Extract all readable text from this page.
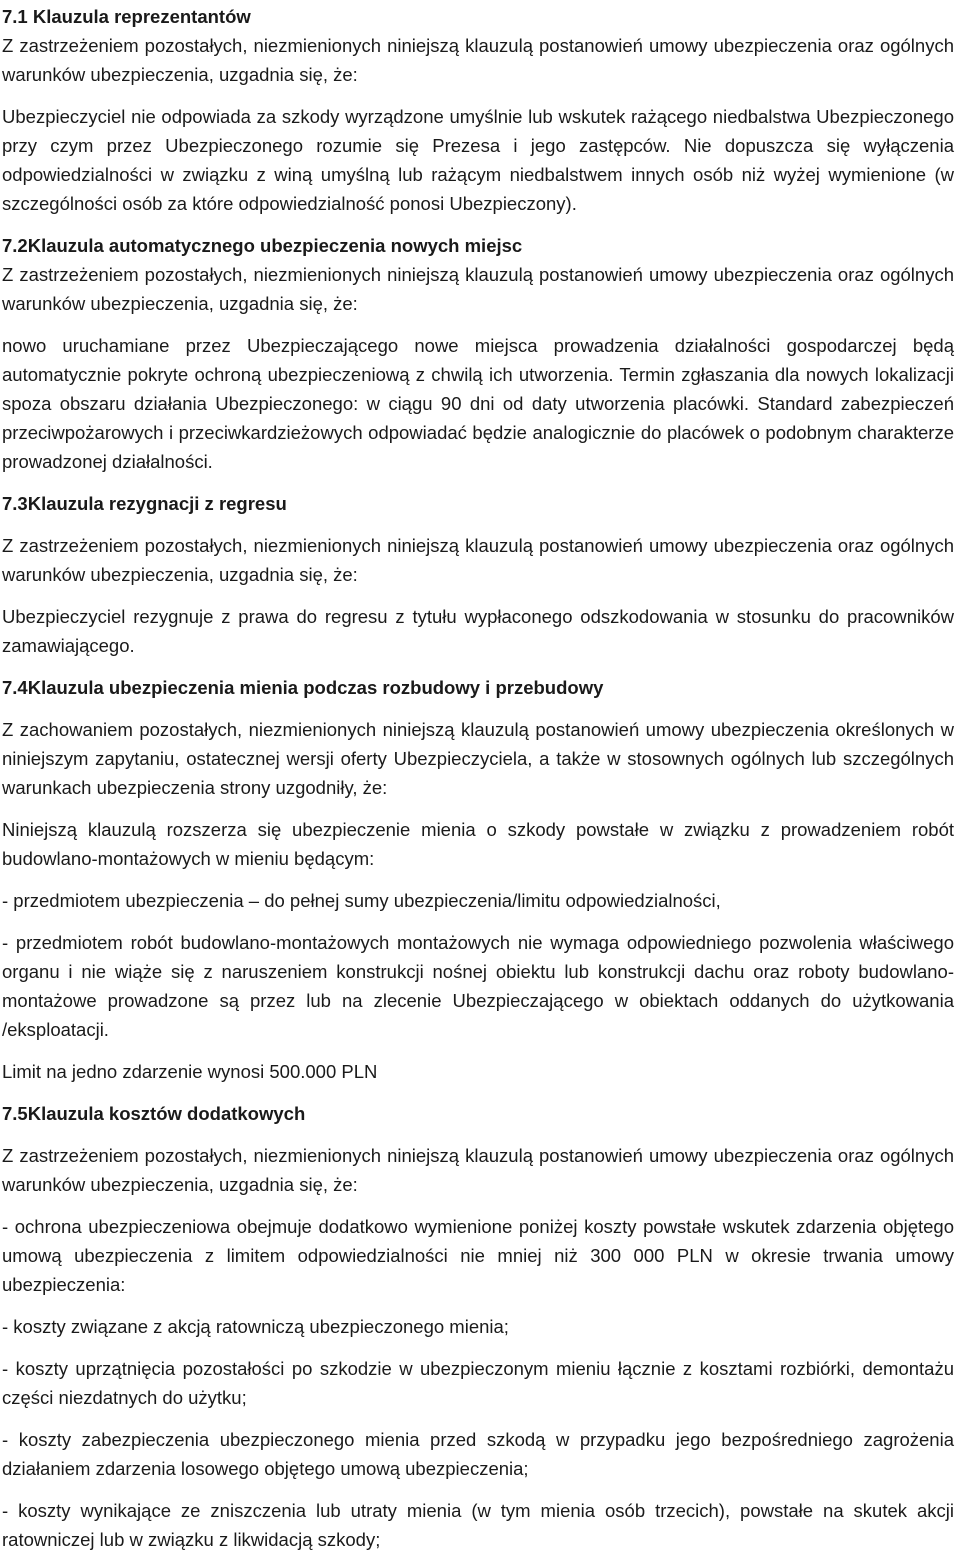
7.1 Klauzula reprezentantów

Z zastrzeżeniem pozostałych, niezmienionych niniejszą klauzulą postanowień umowy ubezpieczenia oraz ogólnych warunków ubezpieczenia, uzgadnia się, że:

Ubezpieczyciel nie odpowiada za szkody wyrządzone umyślnie lub wskutek rażącego niedbalstwa Ubezpieczonego przy czym przez Ubezpieczonego rozumie się Prezesa i jego zastępców. Nie dopuszcza się wyłączenia odpowiedzialności w związku z winą umyślną lub rażącym niedbalstwem innych osób niż wyżej wymienione (w szczególności osób za które odpowiedzialność ponosi Ubezpieczony).

7.2Klauzula automatycznego ubezpieczenia nowych miejsc

Z zastrzeżeniem pozostałych, niezmienionych niniejszą klauzulą postanowień umowy ubezpieczenia oraz ogólnych warunków ubezpieczenia, uzgadnia się, że:

nowo uruchamiane przez Ubezpieczającego nowe miejsca prowadzenia działalności gospodarczej będą automatycznie pokryte ochroną ubezpieczeniową z chwilą ich utworzenia. Termin zgłaszania dla nowych lokalizacji spoza obszaru działania Ubezpieczonego: w ciągu 90 dni od daty utworzenia placówki. Standard zabezpieczeń przeciwpożarowych i przeciwkardzieżowych odpowiadać będzie analogicznie do placówek o podobnym charakterze prowadzonej działalności.

7.3Klauzula rezygnacji z regresu

Z zastrzeżeniem pozostałych, niezmienionych niniejszą klauzulą postanowień umowy ubezpieczenia oraz ogólnych warunków ubezpieczenia, uzgadnia się, że:

Ubezpieczyciel rezygnuje z prawa do regresu z tytułu wypłaconego odszkodowania w stosunku do pracowników zamawiającego.

7.4Klauzula ubezpieczenia mienia podczas rozbudowy i przebudowy

Z zachowaniem pozostałych, niezmienionych niniejszą klauzulą postanowień umowy ubezpieczenia określonych w niniejszym zapytaniu, ostatecznej wersji oferty Ubezpieczyciela, a także w stosownych ogólnych lub szczególnych warunkach ubezpieczenia strony uzgodniły, że:

Niniejszą klauzulą rozszerza się ubezpieczenie mienia o szkody powstałe w związku z prowadzeniem robót budowlano-montażowych w mieniu będącym:

- przedmiotem ubezpieczenia – do pełnej sumy ubezpieczenia/limitu odpowiedzialności,

- przedmiotem robót budowlano-montażowych montażowych nie wymaga odpowiedniego pozwolenia właściwego organu i nie wiąże się z naruszeniem konstrukcji nośnej obiektu lub konstrukcji dachu oraz roboty budowlano-montażowe prowadzone są przez lub na zlecenie Ubezpieczającego w obiektach oddanych do użytkowania /eksploatacji.

Limit na jedno zdarzenie wynosi 500.000 PLN

7.5Klauzula kosztów dodatkowych

Z zastrzeżeniem pozostałych, niezmienionych niniejszą klauzulą postanowień umowy ubezpieczenia oraz ogólnych warunków ubezpieczenia, uzgadnia się, że:

- ochrona ubezpieczeniowa obejmuje dodatkowo wymienione poniżej koszty powstałe wskutek zdarzenia objętego umową ubezpieczenia z limitem odpowiedzialności nie mniej niż 300 000 PLN w okresie trwania umowy ubezpieczenia:

- koszty związane z akcją ratowniczą ubezpieczonego mienia;

- koszty uprzątnięcia pozostałości po szkodzie w ubezpieczonym mieniu łącznie z kosztami rozbiórki, demontażu części niezdatnych do użytku;

- koszty zabezpieczenia ubezpieczonego mienia przed szkodą w przypadku jego bezpośredniego zagrożenia działaniem zdarzenia losowego objętego umową ubezpieczenia;

- koszty wynikające ze zniszczenia lub utraty mienia (w tym mienia osób trzecich), powstałe na skutek akcji ratowniczej lub w związku z likwidacją szkody;
